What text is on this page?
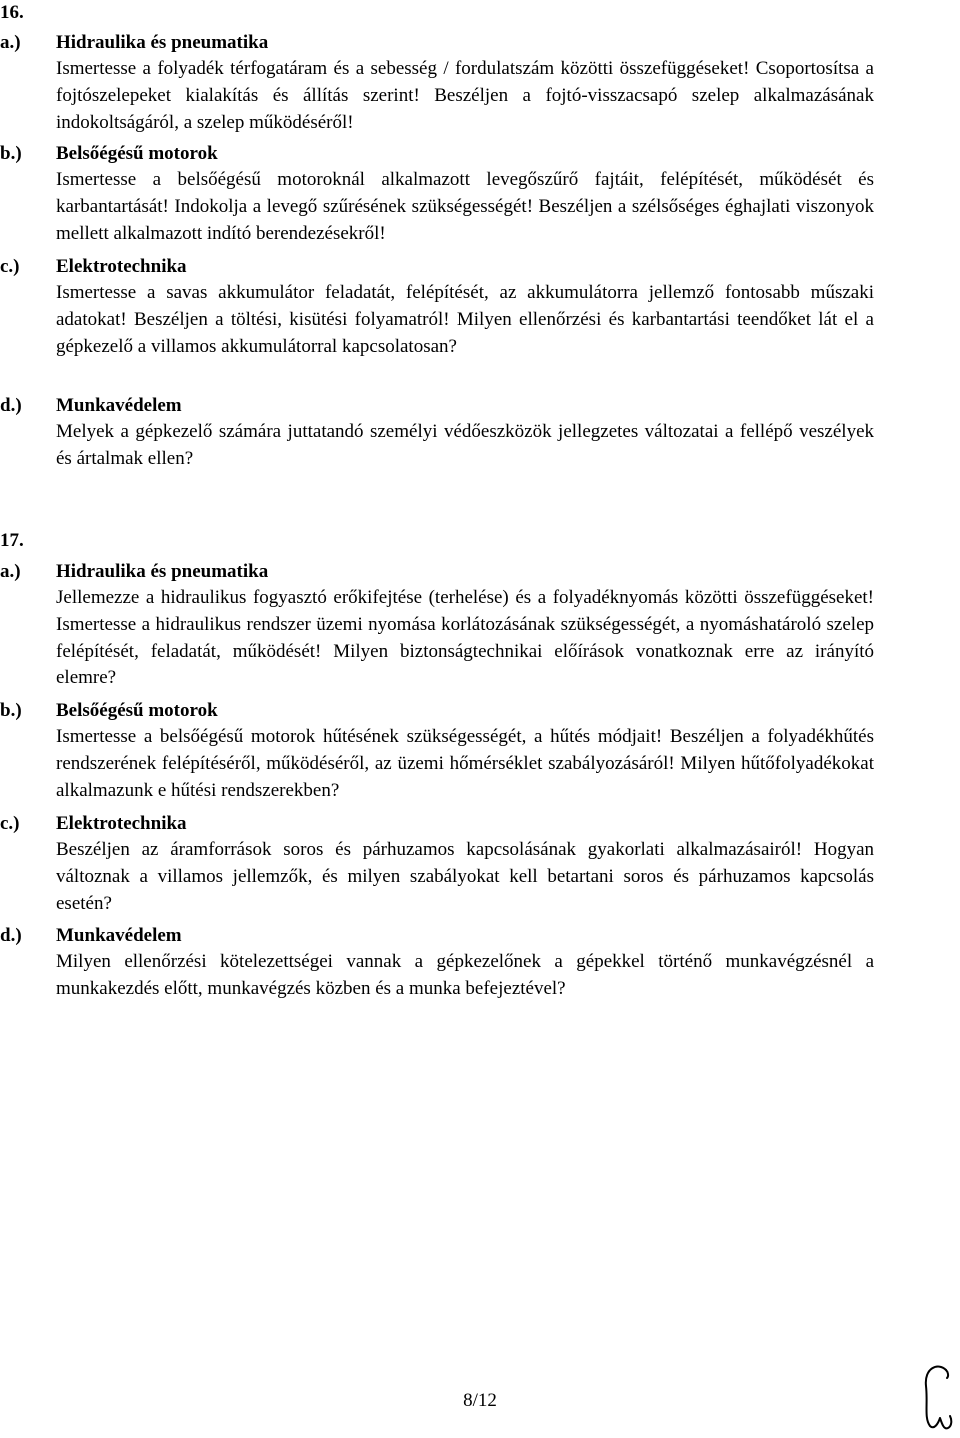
16.
a.)	Hidraulika és pneumatika
Ismertesse a folyadék térfogatáram és a sebesség / fordulatszám közötti összefüggéseket! Csoportosítsa a fojtószelepeket kialakítás és állítás szerint! Beszéljen a fojtó-visszacsapó szelep alkalmazásának indokoltságáról, a szelep működéséről!
b.)	Belsőégésű motorok
Ismertesse a belsőégésű motoroknál alkalmazott levegőszűrő fajtáit, felépítését, működését és karbantartását! Indokolja a levegő szűrésének szükségességét! Beszéljen a szélsőséges éghajlati viszonyok mellett alkalmazott indító berendezésekről!
c.)	Elektrotechnika
Ismertesse a savas akkumulátor feladatát, felépítését, az akkumulátorra jellemző fontosabb műszaki adatokat! Beszéljen a töltési, kisütési folyamatról! Milyen ellenőrzési és karbantartási teendőket lát el a gépkezelő a villamos akkumulátorral kapcsolatosan?
d.)	Munkavédelem
Melyek a gépkezelő számára juttatandó személyi védőeszközök jellegzetes változatai a fellépő veszélyek és ártalmak ellen?
17.
a.)	Hidraulika és pneumatika
Jellemezze a hidraulikus fogyasztó erőkifejtése (terhelése) és a folyadéknyomás közötti összefüggéseket! Ismertesse a hidraulikus rendszer üzemi nyomása korlátozásának szükségességét, a nyomáshatároló szelep felépítését, feladatát, működését! Milyen biztonságtechnikai előírások vonatkoznak erre az irányító elemre?
b.)	Belsőégésű motorok
Ismertesse a belsőégésű motorok hűtésének szükségességét, a hűtés módjait! Beszéljen a folyadékhűtés rendszerének felépítéséről, működéséről, az üzemi hőmérséklet szabályozásáról! Milyen hűtőfolyadékokat alkalmazunk e hűtési rendszerekben?
c.)	Elektrotechnika
Beszéljen az áramforrások soros és párhuzamos kapcsolásának gyakorlati alkalmazásairól! Hogyan változnak a villamos jellemzők, és milyen szabályokat kell betartani soros és párhuzamos kapcsolás esetén?
d.)	Munkavédelem
Milyen ellenőrzési kötelezettségei vannak a gépkezelőnek a gépekkel történő munkavégzésnél a munkakezdés előtt, munkavégzés közben és a munka befejeztével?
8/12
